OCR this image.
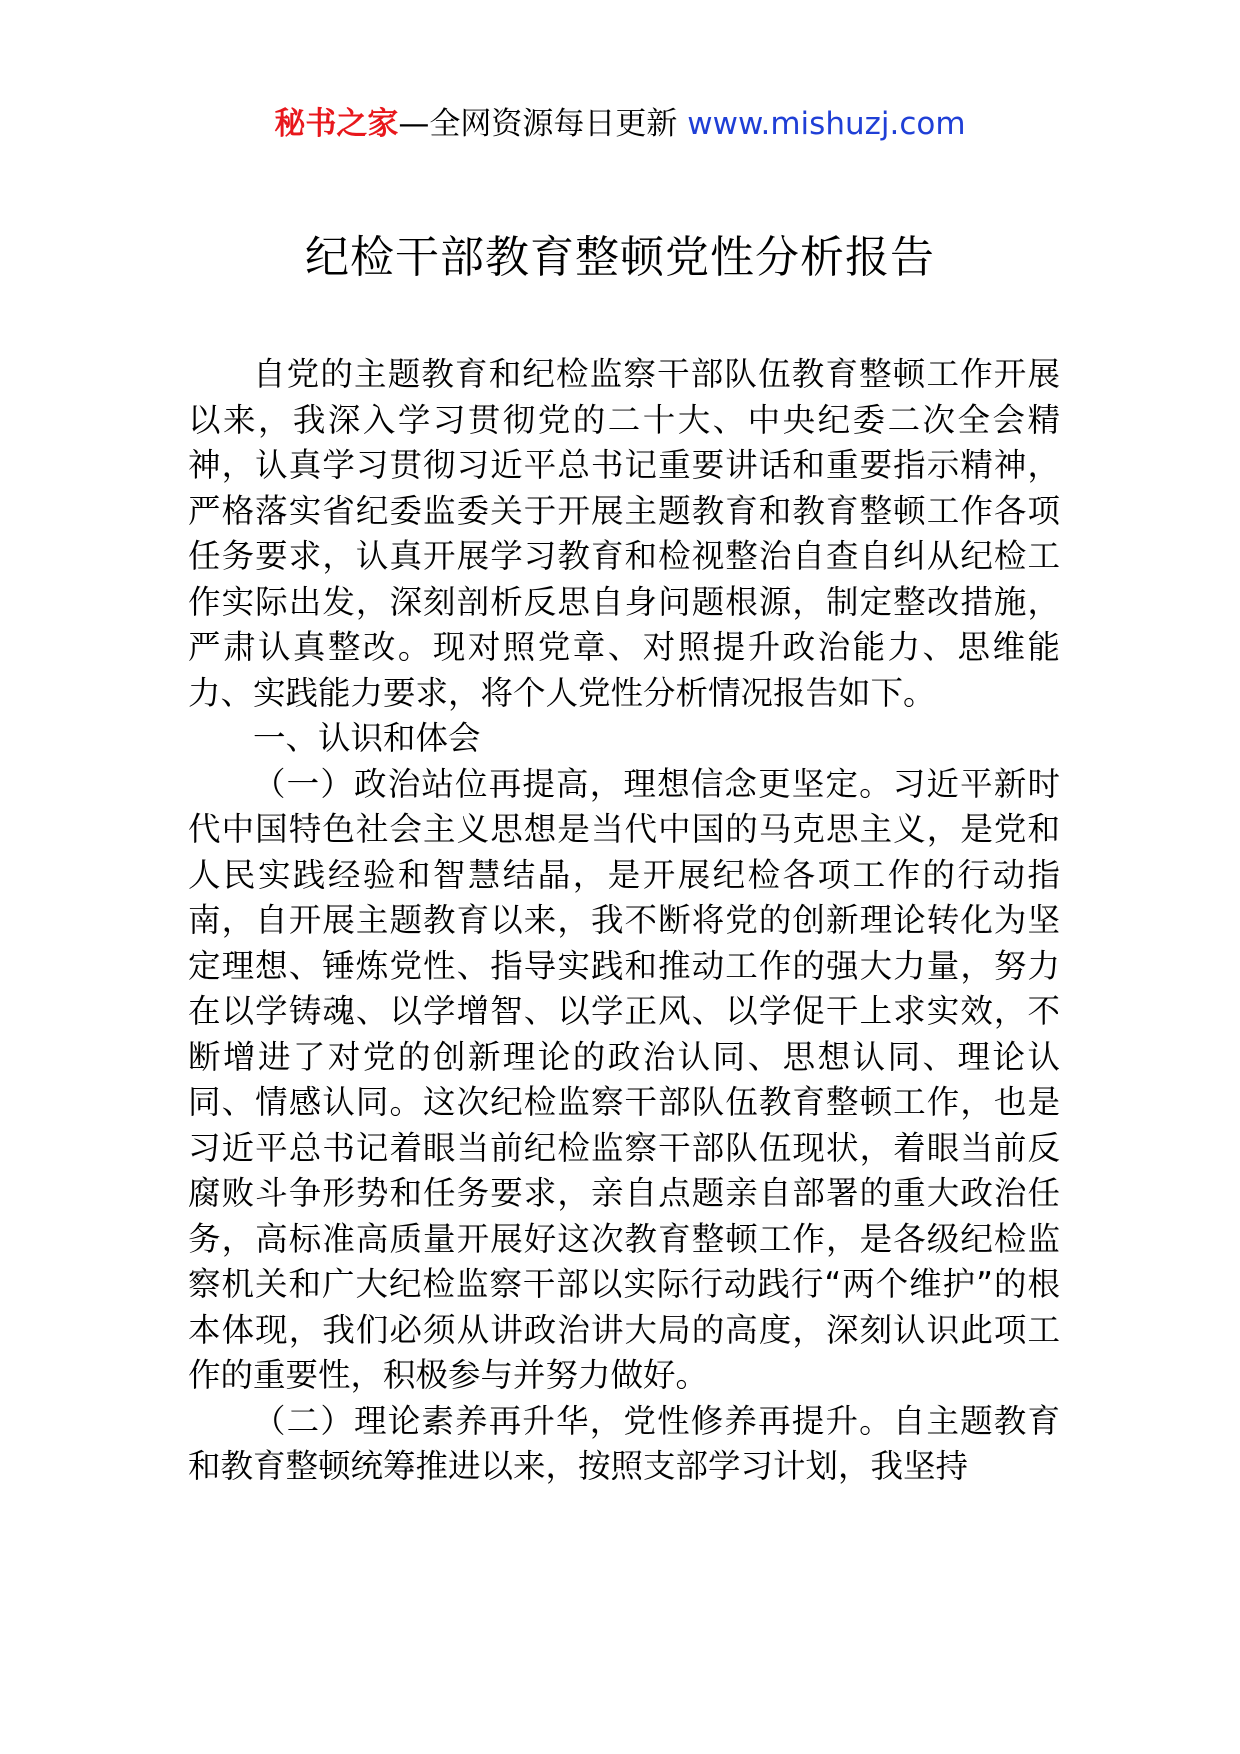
秘书之家—全网资源每日更新 www.mishuzj.com
纪检干部教育整顿党性分析报告

自党的主题教育和纪检监察干部队伍教育整顿工作开展以来，我深入学习贯彻党的二十大、中央纪委二次全会精神，认真学习贯彻习近平总书记重要讲话和重要指示精神，严格落实省纪委监委关于开展主题教育和教育整顿工作各项任务要求，认真开展学习教育和检视整治自查自纠从纪检工作实际出发，深刻剖析反思自身问题根源，制定整改措施，严肃认真整改。现对照党章、对照提升政治能力、思维能力、实践能力要求，将个人党性分析情况报告如下。

一、认识和体会

（一）政治站位再提高，理想信念更坚定。习近平新时代中国特色社会主义思想是当代中国的马克思主义，是党和人民实践经验和智慧结晶，是开展纪检各项工作的行动指南，自开展主题教育以来，我不断将党的创新理论转化为坚定理想、锤炼党性、指导实践和推动工作的强大力量，努力在以学铸魂、以学增智、以学正风、以学促干上求实效，不断增进了对党的创新理论的政治认同、思想认同、理论认同、情感认同。这次纪检监察干部队伍教育整顿工作，也是习近平总书记着眼当前纪检监察干部队伍现状，着眼当前反腐败斗争形势和任务要求，亲自点题亲自部署的重大政治任务，高标准高质量开展好这次教育整顿工作，是各级纪检监察机关和广大纪检监察干部以实际行动践行“两个维护”的根本体现，我们必须从讲政治讲大局的高度，深刻认识此项工作的重要性，积极参与并努力做好。

（二）理论素养再升华，党性修养再提升。自主题教育和教育整顿统筹推进以来，按照支部学习计划，我坚持
